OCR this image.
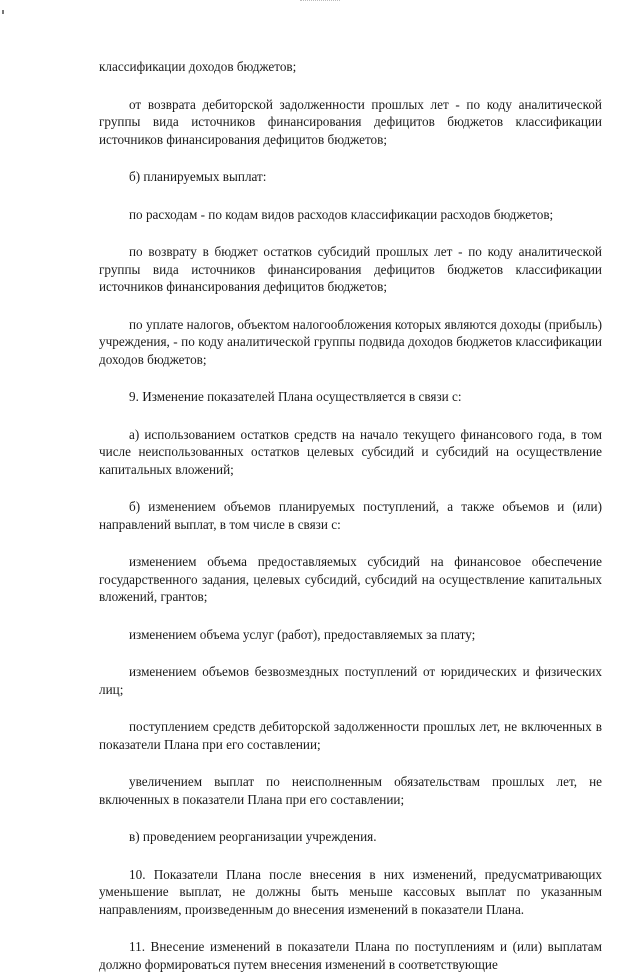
классификации доходов бюджетов;

от возврата дебиторской задолженности прошлых лет - по коду аналитической группы вида источников финансирования дефицитов бюджетов классификации источников финансирования дефицитов бюджетов;

б) планируемых выплат:

по расходам - по кодам видов расходов классификации расходов бюджетов;

по возврату в бюджет остатков субсидий прошлых лет - по коду аналитической группы вида источников финансирования дефицитов бюджетов классификации источников финансирования дефицитов бюджетов;

по уплате налогов, объектом налогообложения которых являются доходы (прибыль) учреждения, - по коду аналитической группы подвида доходов бюджетов классификации доходов бюджетов;

9. Изменение показателей Плана осуществляется в связи с:

а) использованием остатков средств на начало текущего финансового года, в том числе неиспользованных остатков целевых субсидий и субсидий на осуществление капитальных вложений;

б) изменением объемов планируемых поступлений, а также объемов и (или) направлений выплат, в том числе в связи с:

изменением объема предоставляемых субсидий на финансовое обеспечение государственного задания, целевых субсидий, субсидий на осуществление капитальных вложений, грантов;

изменением объема услуг (работ), предоставляемых за плату;

изменением объемов безвозмездных поступлений от юридических и физических лиц;

поступлением средств дебиторской задолженности прошлых лет, не включенных в показатели Плана при его составлении;

увеличением выплат по неисполненным обязательствам прошлых лет, не включенных в показатели Плана при его составлении;

в) проведением реорганизации учреждения.

10. Показатели Плана после внесения в них изменений, предусматривающих уменьшение выплат, не должны быть меньше кассовых выплат по указанным направлениям, произведенным до внесения изменений в показатели Плана.

11. Внесение изменений в показатели Плана по поступлениям и (или) выплатам должно формироваться путем внесения изменений в соответствующие
